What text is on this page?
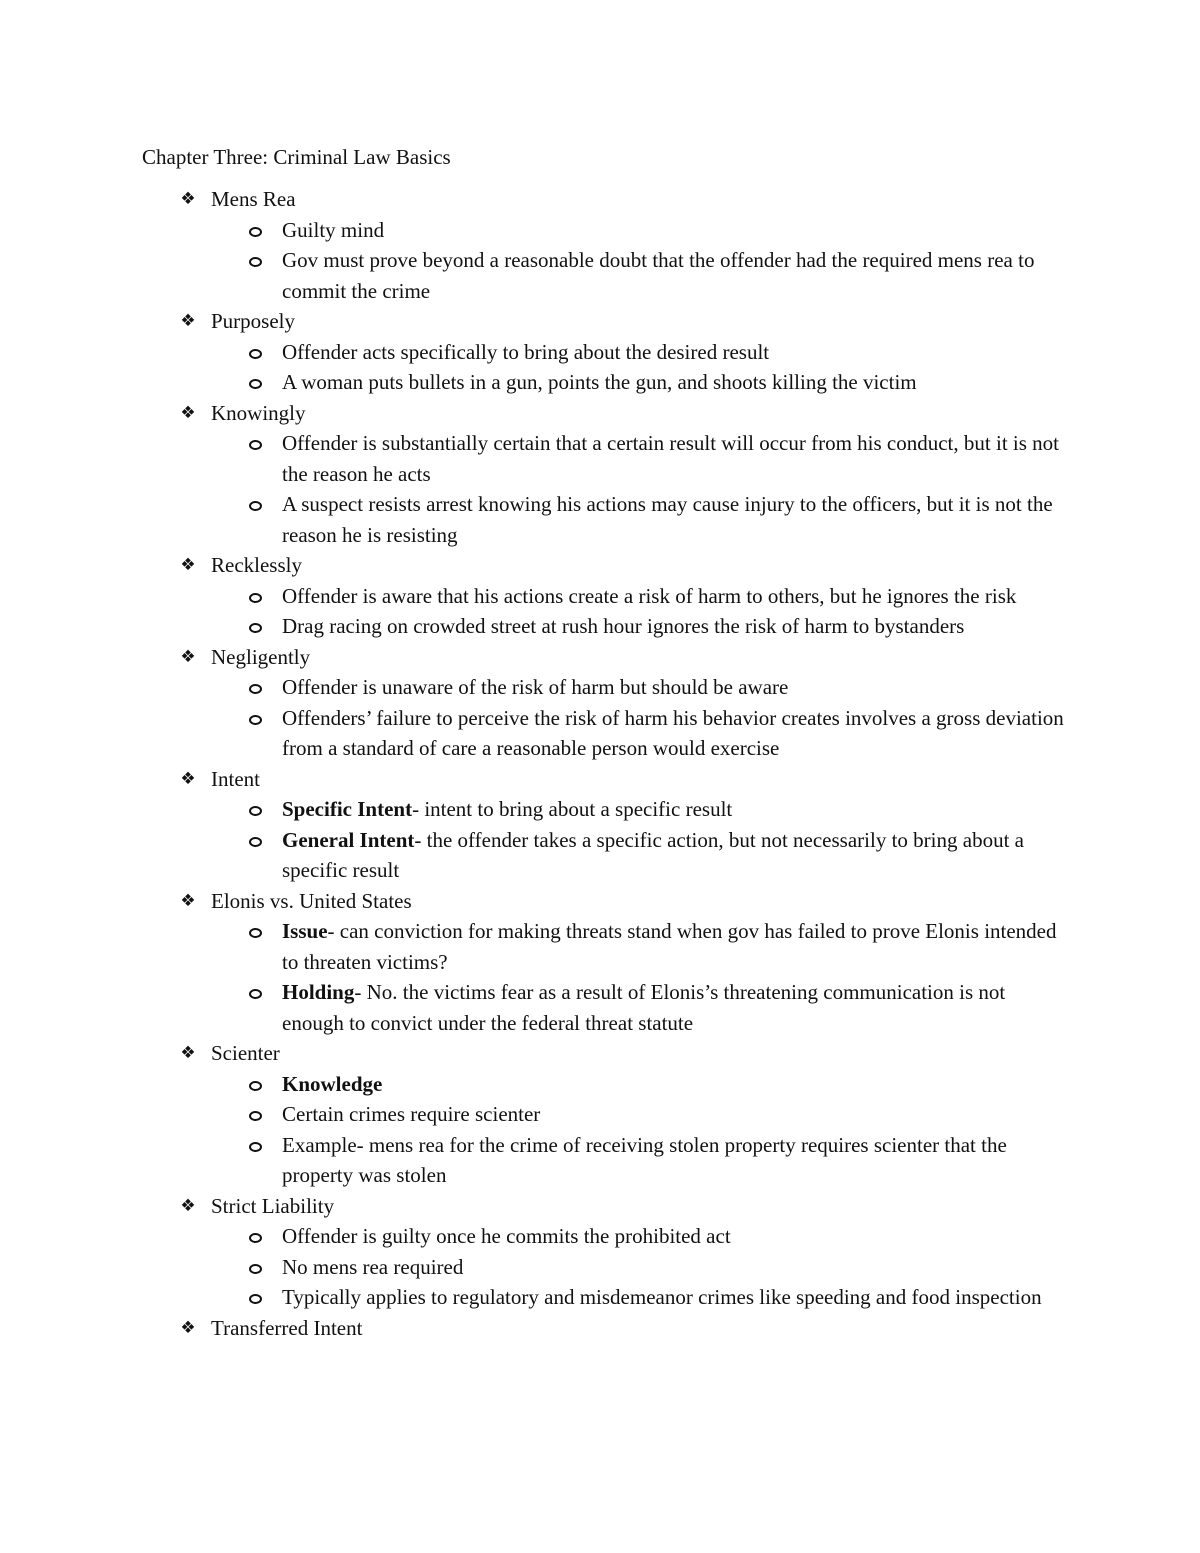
Chapter Three: Criminal Law Basics
❖ Mens Rea
Guilty mind
Gov must prove beyond a reasonable doubt that the offender had the required mens rea to commit the crime
❖ Purposely
Offender acts specifically to bring about the desired result
A woman puts bullets in a gun, points the gun, and shoots killing the victim
❖ Knowingly
Offender is substantially certain that a certain result will occur from his conduct, but it is not the reason he acts
A suspect resists arrest knowing his actions may cause injury to the officers, but it is not the reason he is resisting
❖ Recklessly
Offender is aware that his actions create a risk of harm to others, but he ignores the risk
Drag racing on crowded street at rush hour ignores the risk of harm to bystanders
❖ Negligently
Offender is unaware of the risk of harm but should be aware
Offenders’ failure to perceive the risk of harm his behavior creates involves a gross deviation from a standard of care a reasonable person would exercise
❖ Intent
Specific Intent- intent to bring about a specific result
General Intent- the offender takes a specific action, but not necessarily to bring about a specific result
❖ Elonis vs. United States
Issue- can conviction for making threats stand when gov has failed to prove Elonis intended to threaten victims?
Holding- No. the victims fear as a result of Elonis’s threatening communication is not enough to convict under the federal threat statute
❖ Scienter
Knowledge
Certain crimes require scienter
Example- mens rea for the crime of receiving stolen property requires scienter that the property was stolen
❖ Strict Liability
Offender is guilty once he commits the prohibited act
No mens rea required
Typically applies to regulatory and misdemeanor crimes like speeding and food inspection
❖ Transferred Intent
